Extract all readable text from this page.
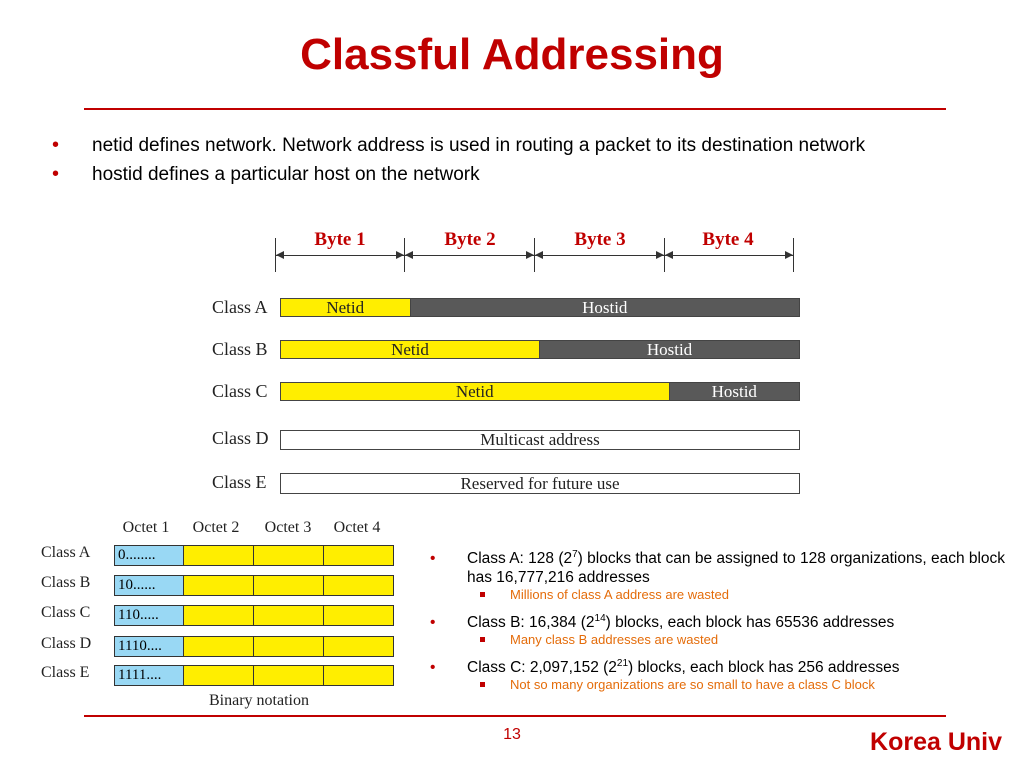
Classful Addressing
•	netid defines network. Network address is used in routing a packet to its destination network
•	hostid defines a particular host on the network
Byte 1	Byte 2	Byte 3	Byte 4
Class A	Netid	Hostid
Class B	Netid	Hostid
Class C	Netid	Hostid
Class D	Multicast address
Class E	Reserved for future use
Octet 1	Octet 2	Octet 3	Octet 4
Class A 0........
Class B 10......
Class C 110.....
Class D 1110....
Class E 1111....
Binary notation
•	Class A: 128 $(2^7)$ blocks that can be assigned to 128 organizations, each block has 16,777,216 addresses
Millions of class A address are wasted
•	Class B: 16,384 $(2^{14})$ blocks, each block has 65536 addresses
Many class B addresses are wasted
•	Class C: 2,097,152 $(2^{21})$ blocks, each block has 256 addresses
Not so many organizations are so small to have a class C block
13	Korea Univ
